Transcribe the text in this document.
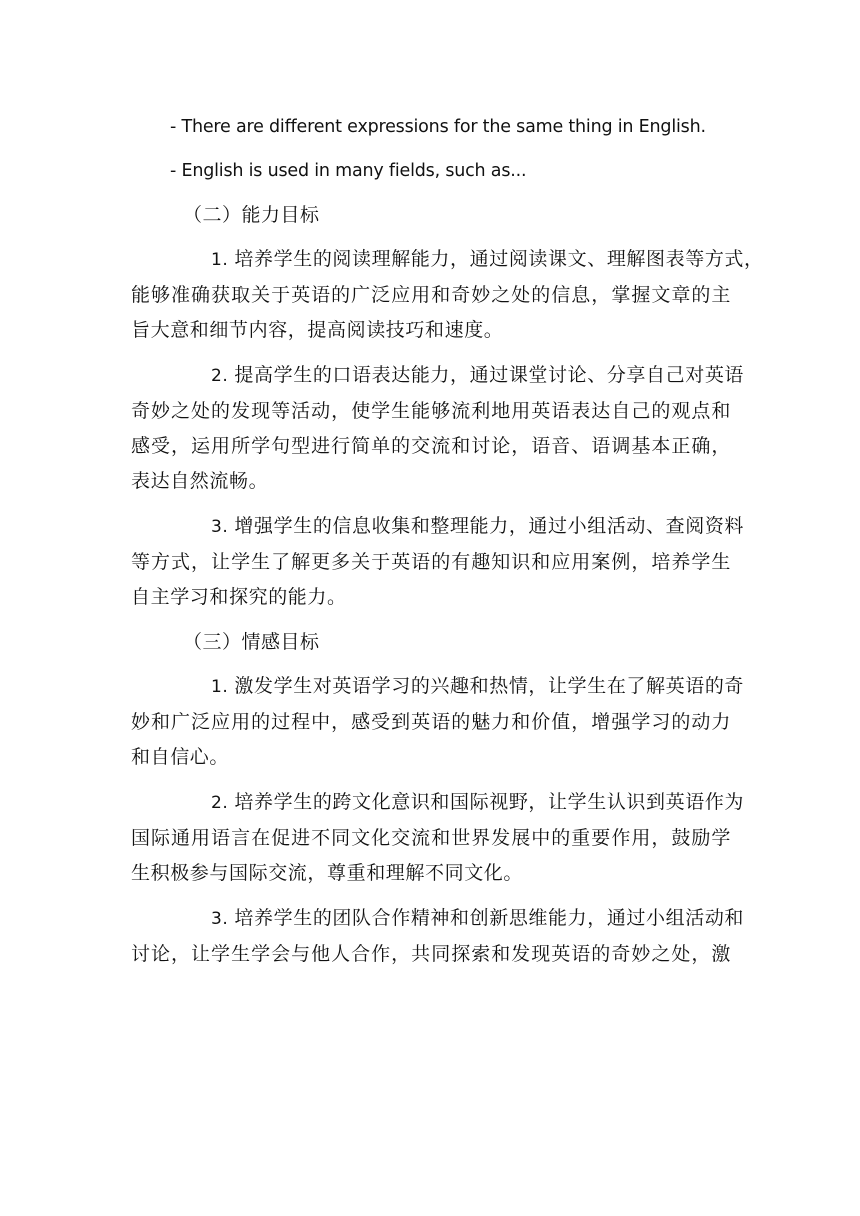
- There are different expressions for the same thing in English.

- English is used in many fields, such as...

（二）能力目标

1. 培养学生的阅读理解能力，通过阅读课文、理解图表等方式，
能够准确获取关于英语的广泛应用和奇妙之处的信息，掌握文章的主
旨大意和细节内容，提高阅读技巧和速度。
2. 提高学生的口语表达能力，通过课堂讨论、分享自己对英语
奇妙之处的发现等活动，使学生能够流利地用英语表达自己的观点和
感受，运用所学句型进行简单的交流和讨论，语音、语调基本正确，
表达自然流畅。
3. 增强学生的信息收集和整理能力，通过小组活动、查阅资料
等方式，让学生了解更多关于英语的有趣知识和应用案例，培养学生
自主学习和探究的能力。

（三）情感目标

1. 激发学生对英语学习的兴趣和热情，让学生在了解英语的奇
妙和广泛应用的过程中，感受到英语的魅力和价值，增强学习的动力
和自信心。
2. 培养学生的跨文化意识和国际视野，让学生认识到英语作为
国际通用语言在促进不同文化交流和世界发展中的重要作用，鼓励学
生积极参与国际交流，尊重和理解不同文化。
3. 培养学生的团队合作精神和创新思维能力，通过小组活动和
讨论，让学生学会与他人合作，共同探索和发现英语的奇妙之处，激
